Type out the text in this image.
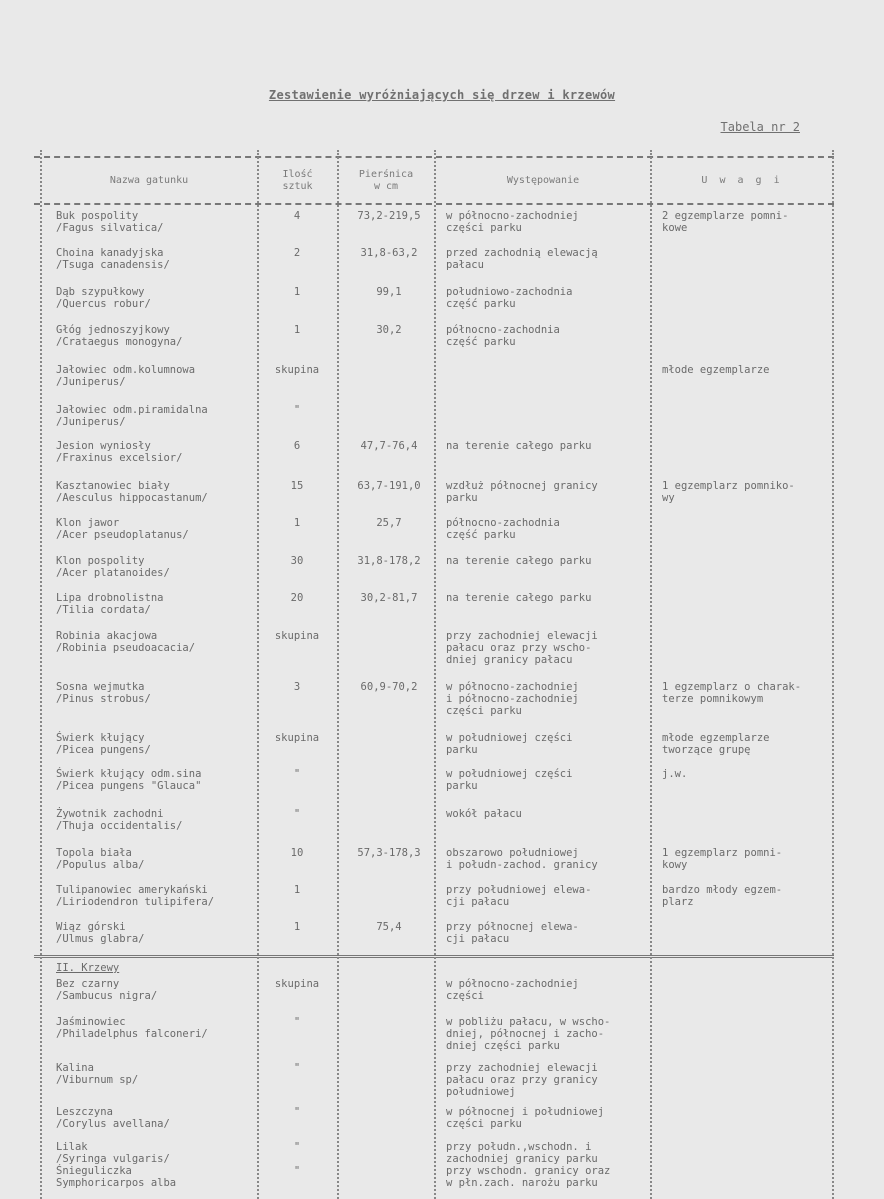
Zestawienie wyróżniających się drzew i krzewów
Tabela nr 2
Nazwa gatunku
Ilość
sztuk
Pierśnica
w cm
Występowanie	U w a g i
Buk pospolity
/Fagus silvatica/
4	73,2-219,5	w północno-zachodniej
części parku
2 egzemplarze pomni-
kowe
Choina kanadyjska
/Tsuga canadensis/
2	31,8-63,2	przed zachodnią elewacją
pałacu
Dąb szypułkowy
/Quercus robur/
1	99,1	południowo-zachodnia
część parku
Głóg jednoszyjkowy
/Crataegus monogyna/
1	30,2	północno-zachodnia
część parku
Jałowiec odm.kolumnowa
/Juniperus/
skupina	młode egzemplarze
Jałowiec odm.piramidalna
/Juniperus/
"
Jesion wyniosły
/Fraxinus excelsior/
6	47,7-76,4	na terenie całego parku
Kasztanowiec biały
/Aesculus hippocastanum/
15	63,7-191,0	wzdłuż północnej granicy
parku
1 egzemplarz pomniko-
wy
Klon jawor
/Acer pseudoplatanus/
1	25,7	północno-zachodnia
część parku
Klon pospolity
/Acer platanoides/
30	31,8-178,2	na terenie całego parku
Lipa drobnolistna
/Tilia cordata/
20	30,2-81,7	na terenie całego parku
Robinia akacjowa
/Robinia pseudoacacia/
skupina	przy zachodniej elewacji
pałacu oraz przy wscho-
dniej granicy pałacu
Sosna wejmutka
/Pinus strobus/
3	60,9-70,2	w północno-zachodniej
i północno-zachodniej
części parku
1 egzemplarz o charak-
terze pomnikowym
Świerk kłujący
/Picea pungens/
skupina	w południowej części
parku
młode egzemplarze
tworzące grupę
Świerk kłujący odm.sina
/Picea pungens "Glauca"
"	w południowej części
parku
j.w.
Żywotnik zachodni
/Thuja occidentalis/
"	wokół pałacu
Topola biała
/Populus alba/
10	57,3-178,3	obszarowo południowej
i połudn-zachod. granicy
1 egzemplarz pomni-
kowy
Tulipanowiec amerykański
/Liriodendron tulipifera/
1	przy południowej elewa-
cji pałacu
bardzo młody egzem-
plarz
Wiąz górski
/Ulmus glabra/
1	75,4	przy północnej elewa-
cji pałacu
II. Krzewy
Bez czarny
/Sambucus nigra/
skupina	w północno-zachodniej
części
Jaśminowiec
/Philadelphus falconeri/
"	w pobliżu pałacu, w wscho-
dniej, północnej i zacho-
dniej części parku
Kalina
/Viburnum sp/
"	przy zachodniej elewacji
pałacu oraz przy granicy
południowej
Leszczyna
/Corylus avellana/
"	w północnej i południowej
części parku
Lilak
/Syringa vulgaris/
Śnieguliczka
Symphoricarpos alba
"

"
przy połudn.,wschodn. i
zachodniej granicy parku
przy wschodn. granicy oraz
w płn.zach. narożu parku
